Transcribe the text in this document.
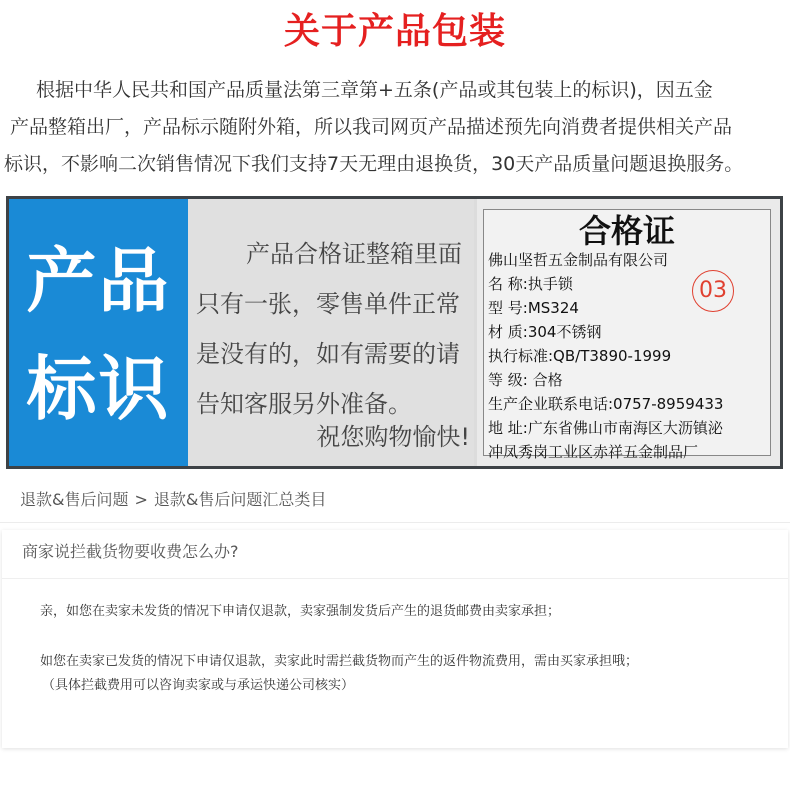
关于产品包装

根据中华人民共和国产品质量法第三章第+五条(产品或其包装上的标识)，因五金

产品整箱出厂，产品标示随附外箱，所以我司网页产品描述预先向消费者提供相关产品

标识，不影响二次销售情况下我们支持7天无理由退换货，30天产品质量问题退换服务。

产品
标识
产品合格证整箱里面
只有一张，零售单件正常
是没有的，如有需要的请
告知客服另外准备。
祝您购物愉快!
合格证
03
佛山坚哲五金制品有限公司
名 称:执手锁
型 号:MS324
材 质:304不锈钢
执行标准:QB/T3890-1999
等 级: 合格
生产企业联系电话:0757-8959433
地 址:广东省佛山市南海区大沥镇泌
冲凤秀岗工业区赤祥五金制品厂
退款&售后问题 > 退款&售后问题汇总类目
商家说拦截货物要收费怎么办?

亲，如您在卖家未发货的情况下申请仅退款，卖家强制发货后产生的退货邮费由卖家承担；

如您在卖家已发货的情况下申请仅退款，卖家此时需拦截货物而产生的返件物流费用，需由买家承担哦；

（具体拦截费用可以咨询卖家或与承运快递公司核实）
